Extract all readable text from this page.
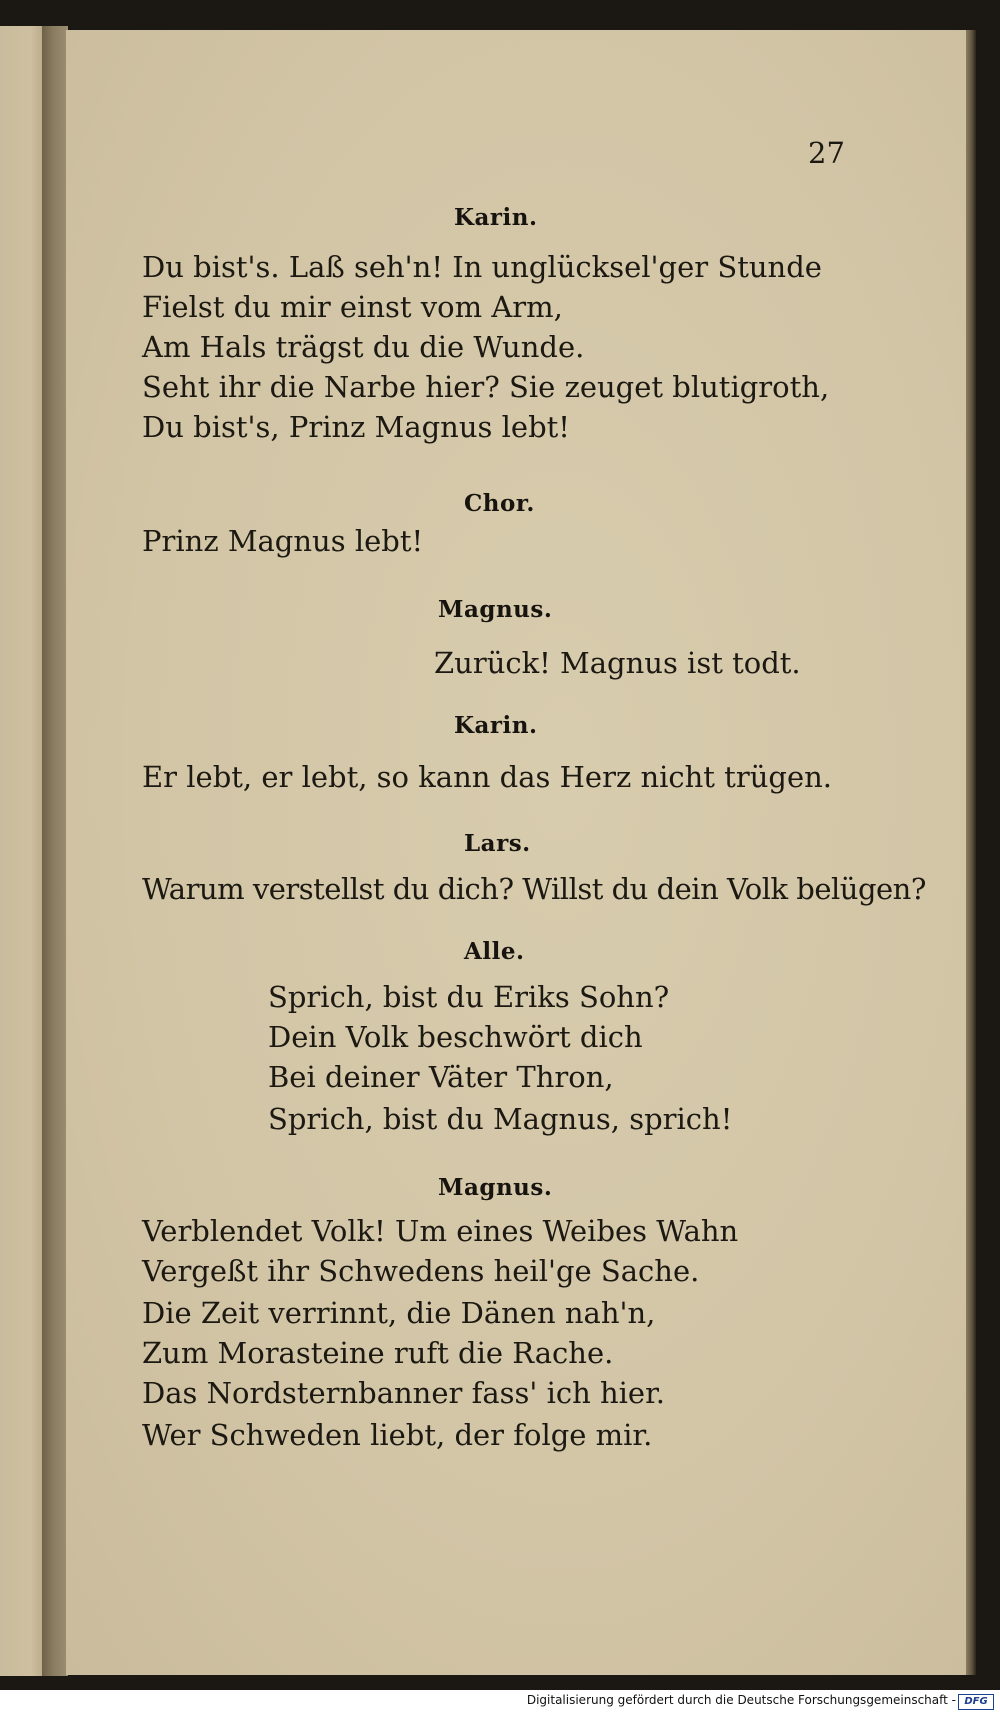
27
Karin.
Du bist's. Laß seh'n! In unglücksel'ger Stunde
Fielst du mir einst vom Arm,
Am Hals trägst du die Wunde.
Seht ihr die Narbe hier? Sie zeuget blutigroth,
Du bist's, Prinz Magnus lebt!
Chor.
Prinz Magnus lebt!
Magnus.
Zurück! Magnus ist todt.
Karin.
Er lebt, er lebt, so kann das Herz nicht trügen.
Lars.
Warum verstellst du dich? Willst du dein Volk belügen?
Alle.
Sprich, bist du Eriks Sohn?
Dein Volk beschwört dich
Bei deiner Väter Thron,
Sprich, bist du Magnus, sprich!
Magnus.
Verblendet Volk! Um eines Weibes Wahn
Vergeßt ihr Schwedens heil'ge Sache.
Die Zeit verrinnt, die Dänen nah'n,
Zum Morasteine ruft die Rache.
Das Nordsternbanner fass' ich hier.
Wer Schweden liebt, der folge mir.
Digitalisierung gefördert durch die Deutsche Forschungsgemeinschaft - DFG
